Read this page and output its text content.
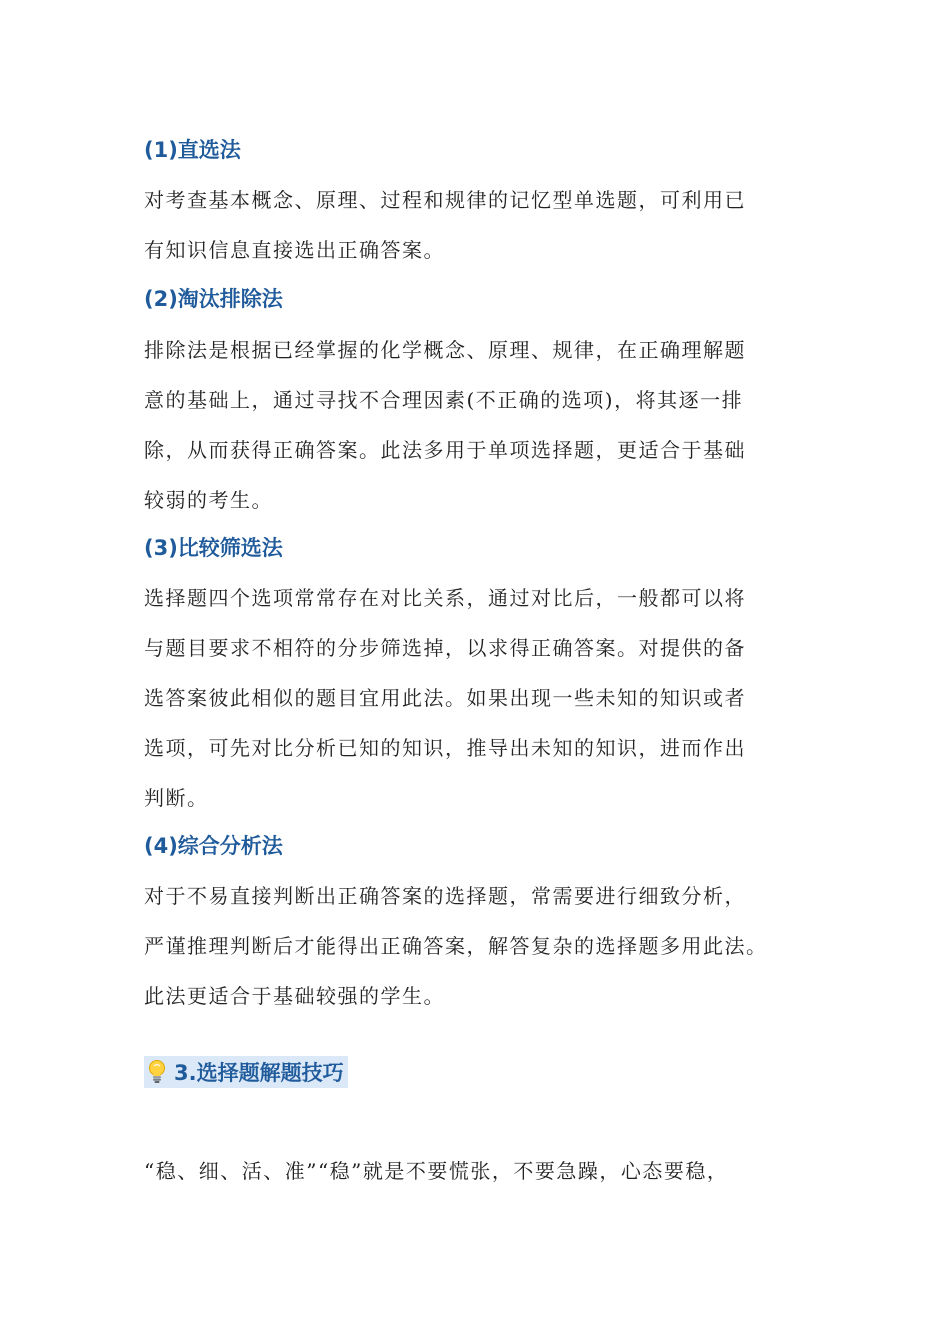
(1)直选法
对考查基本概念、原理、过程和规律的记忆型单选题，可利用已
有知识信息直接选出正确答案。
(2)淘汰排除法
排除法是根据已经掌握的化学概念、原理、规律，在正确理解题
意的基础上，通过寻找不合理因素(不正确的选项)，将其逐一排
除，从而获得正确答案。此法多用于单项选择题，更适合于基础
较弱的考生。
(3)比较筛选法
选择题四个选项常常存在对比关系，通过对比后，一般都可以将
与题目要求不相符的分步筛选掉，以求得正确答案。对提供的备
选答案彼此相似的题目宜用此法。如果出现一些未知的知识或者
选项，可先对比分析已知的知识，推导出未知的知识，进而作出
判断。
(4)综合分析法
对于不易直接判断出正确答案的选择题，常需要进行细致分析，
严谨推理判断后才能得出正确答案，解答复杂的选择题多用此法。
此法更适合于基础较强的学生。
3.选择题解题技巧
“稳、细、活、准”“稳”就是不要慌张，不要急躁，心态要稳，
